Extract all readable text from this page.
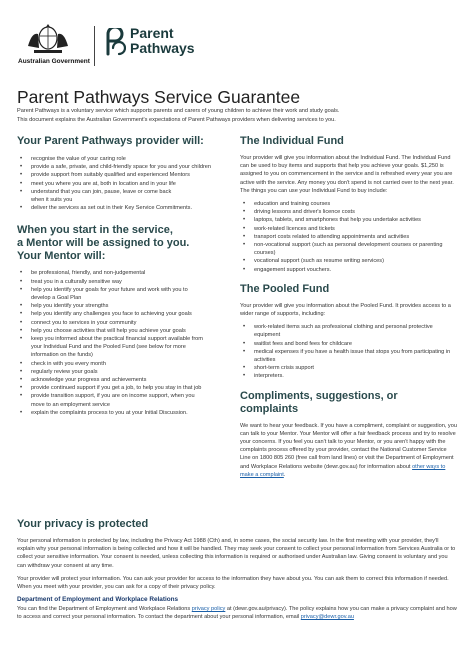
Australian Government
Parent
Pathways
Parent Pathways Service Guarantee
Parent Pathways is a voluntary service which supports parents and carers of young children to achieve their work and study goals.
This document explains the Australian Government's expectations of Parent Pathways providers when delivering services to you.
Your Parent Pathways provider will:
• recognise the value of your caring role
• provide a safe, private, and child-friendly space for you and your children
• provide support from suitably qualified and experienced Mentors
• meet you where you are at, both in location and in your life
• understand that you can join, pause, leave or come back when it suits you
• deliver the services as set out in their Key Service Commitments.
When you start in the service,
a Mentor will be assigned to you.
Your Mentor will:
• be professional, friendly, and non-judgemental
• treat you in a culturally sensitive way
• help you identify your goals for your future and work with you to develop a Goal Plan
• help you identify your strengths
• help you identify any challenges you face to achieving your goals
• connect you to services in your community
• help you choose activities that will help you achieve your goals
• keep you informed about the practical financial support available from your Individual Fund and the Pooled Fund (see below for more information on the funds)
• check in with you every month
• regularly review your goals
• acknowledge your progress and achievements
• provide continued support if you get a job, to help you stay in that job
• provide transition support, if you are on income support, when you move to an employment service
• explain the complaints process to you at your Initial Discussion.
The Individual Fund
Your provider will give you information about the Individual Fund. The Individual Fund can be used to buy items and supports that help you achieve your goals. $1,250 is assigned to you on commencement in the service and is refreshed every year you are active with the service. Any money you don't spend is not carried over to the next year. The things you can use your Individual Fund to buy include:
• education and training courses
• driving lessons and driver's licence costs
• laptops, tablets, and smartphones that help you undertake activities
• work-related licences and tickets
• transport costs related to attending appointments and activities
• non-vocational support (such as personal development courses or parenting courses)
• vocational support (such as resume writing services)
• engagement support vouchers.
The Pooled Fund
Your provider will give you information about the Pooled Fund. It provides access to a wider range of supports, including:
• work-related items such as professional clothing and personal protective equipment
• waitlist fees and bond fees for childcare
• medical expenses if you have a health issue that stops you from participating in activities
• short-term crisis support
• interpreters.
Compliments, suggestions, or complaints
We want to hear your feedback. If you have a compliment, complaint or suggestion, you can talk to your Mentor. Your Mentor will offer a fair feedback process and try to resolve your concerns. If you feel you can't talk to your Mentor, or you aren't happy with the complaints process offered by your provider, contact the National Customer Service Line on 1800 805 260 (free call from land lines) or visit the Department of Employment and Workplace Relations website (dewr.gov.au) for information about other ways to make a complaint.
Your privacy is protected
Your personal information is protected by law, including the Privacy Act 1988 (Cth) and, in some cases, the social security law. In the first meeting with your provider, they'll explain why your personal information is being collected and how it will be handled. They may seek your consent to collect your personal information from Services Australia or to collect your sensitive information. Your consent is needed, unless collecting this information is required or authorised under Australian law. Giving consent is voluntary and you can withdraw your consent at any time.
Your provider will protect your information. You can ask your provider for access to the information they have about you. You can ask them to correct this information if needed. When you meet with your provider, you can ask for a copy of their privacy policy.
Department of Employment and Workplace Relations
You can find the Department of Employment and Workplace Relations privacy policy at (dewr.gov.au/privacy). The policy explains how you can make a privacy complaint and how to access and correct your personal information. To contact the department about your personal information, email privacy@dewr.gov.au
